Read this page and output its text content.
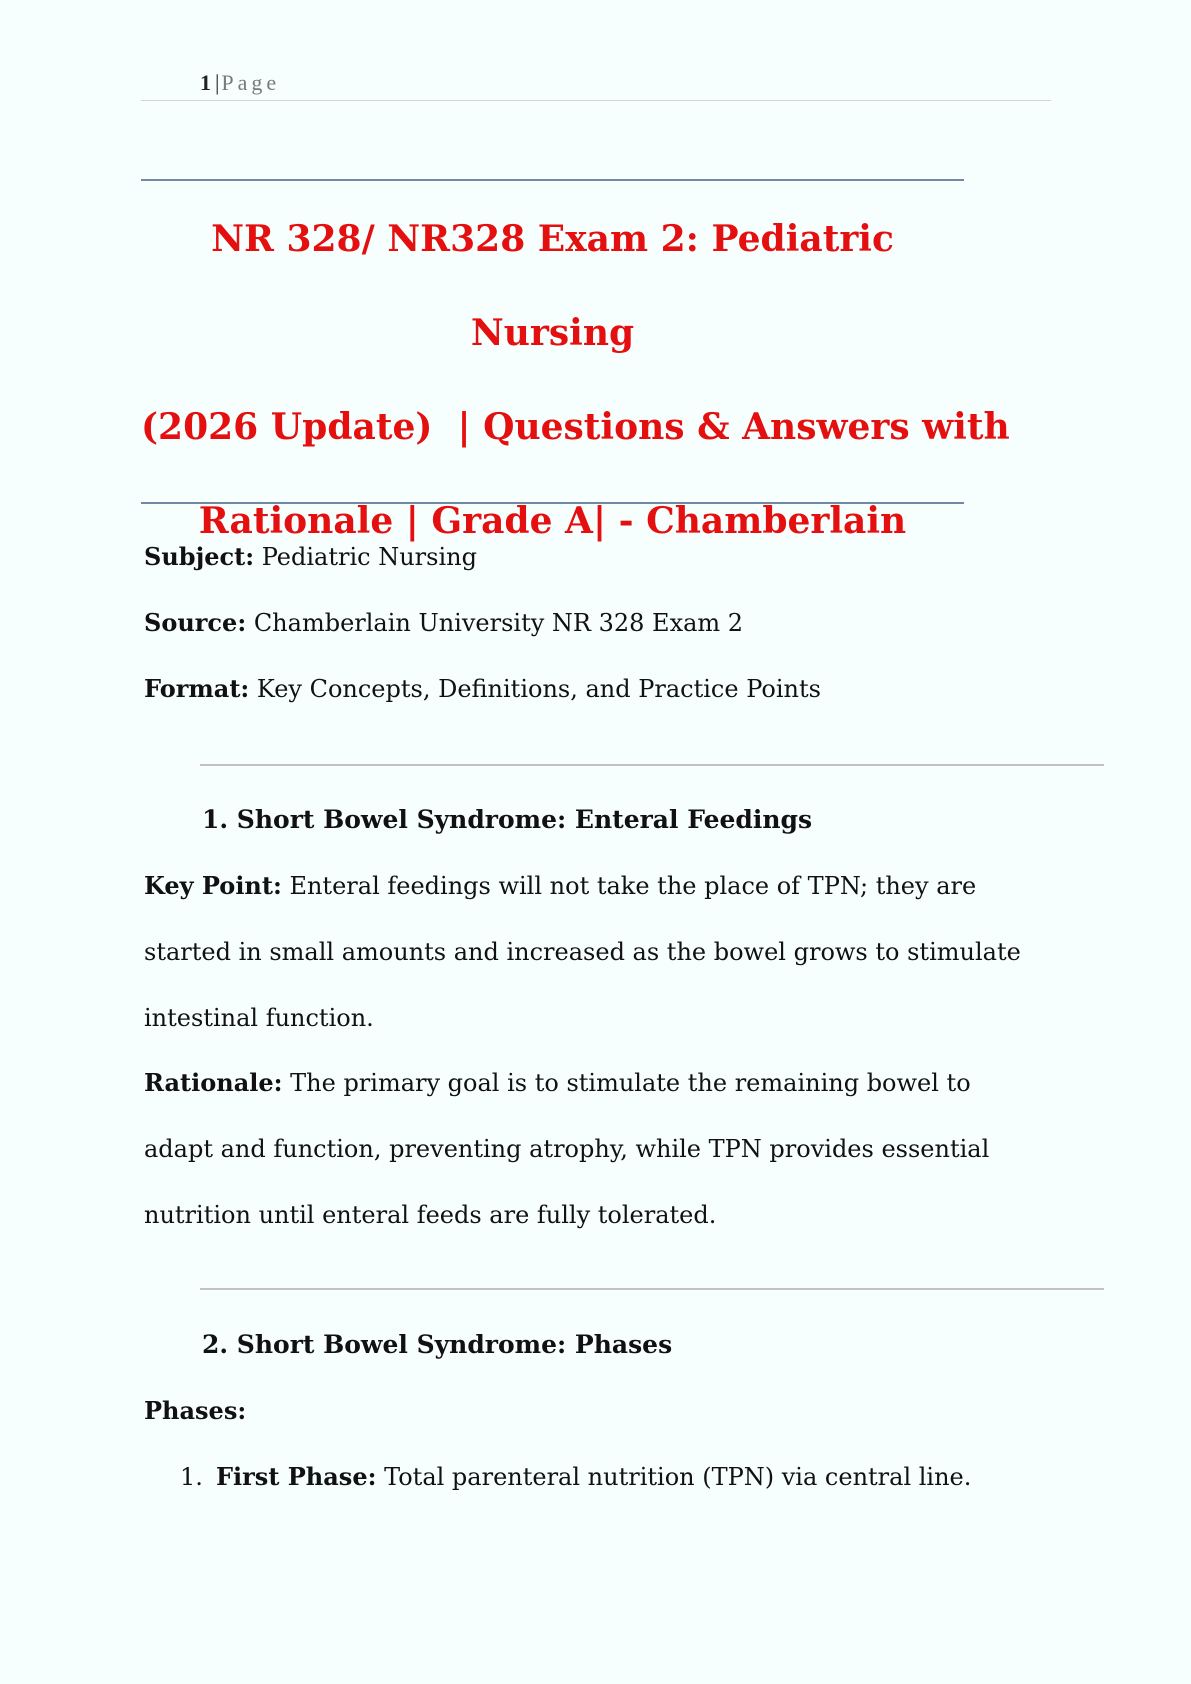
1 |Page
NR 328/ NR328 Exam 2: Pediatric Nursing
(2026 Update)  | Questions & Answers with
Rationale | Grade A| - Chamberlain
Subject: Pediatric Nursing
Source: Chamberlain University NR 328 Exam 2
Format: Key Concepts, Definitions, and Practice Points
1. Short Bowel Syndrome: Enteral Feedings

Key Point: Enteral feedings will not take the place of TPN; they are started in small amounts and increased as the bowel grows to stimulate intestinal function.

Rationale: The primary goal is to stimulate the remaining bowel to adapt and function, preventing atrophy, while TPN provides essential nutrition until enteral feeds are fully tolerated.

2. Short Bowel Syndrome: Phases
Phases:
1. First Phase: Total parenteral nutrition (TPN) via central line.
